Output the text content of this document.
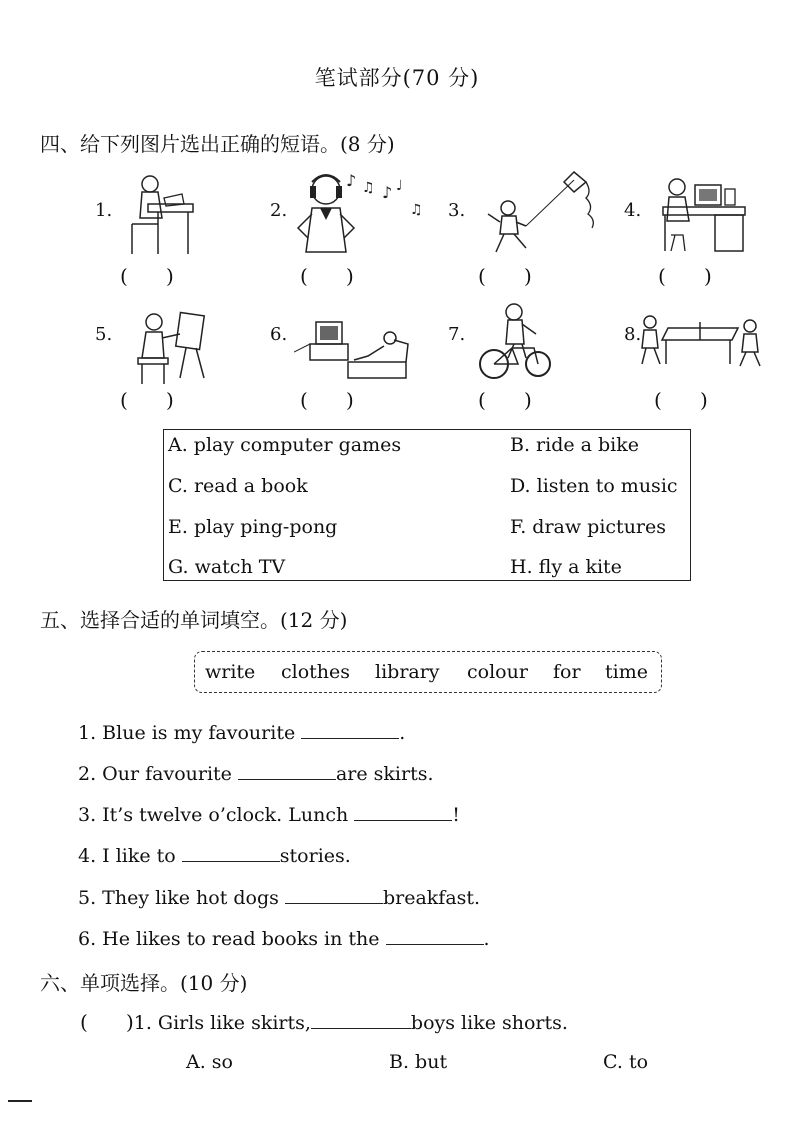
笔试部分(70 分)
四、给下列图片选出正确的短语。(8 分)
1.	2.	3.	4.
♪ ♫ ♪ ♩
♫
(      )	(      )	(      )	(      )
5.	6.	7.	8.
(      )	(      )	(      )	(      )
A. play computer games	B. ride a bike
C. read a book	D. listen to music
E. play ping-pong	F. draw pictures
G. watch TV	H. fly a kite
五、选择合适的单词填空。(12 分)
write clothes library colour for time
1. Blue is my favourite	.
2. Our favourite	are skirts.
3. It’s twelve o’clock. Lunch	!
4. I like to	stories.
5. They like hot dogs	breakfast.
6. He likes to read books in the	.
六、单项选择。(10 分)
(      )1. Girls like skirts,	boys like shorts.
A. so	B. but	C. to
